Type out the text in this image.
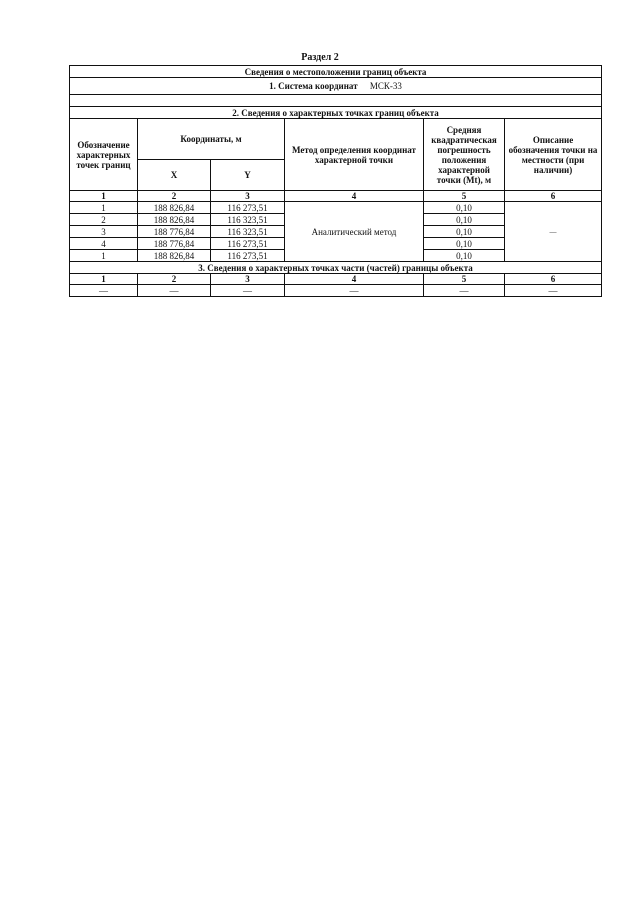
Раздел 2
Сведения о местоположении границ объекта					
1. Система координат МСК-33					

2. Сведения о характерных точках границ объекта					
Обозначение характерных точек границ	Координаты, м		Метод определения координат характерной точки	Средняя квадратическая погрешность положения характерной точки (Mt), м	Описание обозначения точки на местности (при наличии)
	X	Y			
1	2	3	4	5	6
1	188 826,84	116 273,51	Аналитический метод	0,10	—
2	188 826,84	116 323,51		0,10	
3	188 776,84	116 323,51		0,10	
4	188 776,84	116 273,51		0,10	
1	188 826,84	116 273,51		0,10	
3. Сведения о характерных точках части (частей) границы объекта					
1	2	3	4	5	6
—	—	—	—	—	—
